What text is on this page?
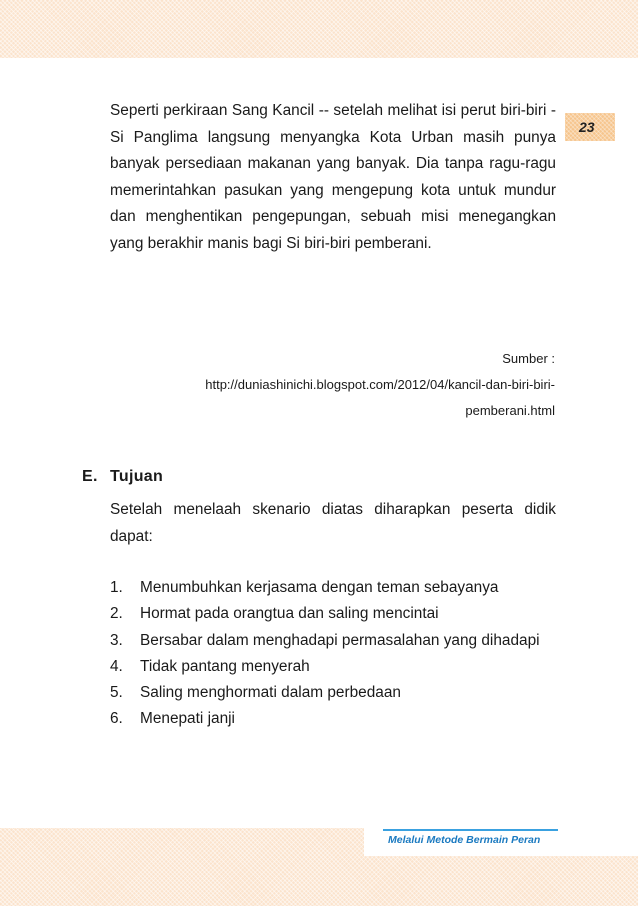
23

Seperti perkiraan Sang Kancil -- setelah melihat isi perut biri-biri - Si Panglima langsung menyangka Kota Urban masih punya banyak persediaan makanan yang banyak. Dia tanpa ragu-ragu memerintahkan pasukan yang mengepung kota untuk mundur dan menghentikan pengepungan, sebuah misi menegangkan yang berakhir manis bagi Si biri-biri pemberani.

Sumber :
http://duniashinichi.blogspot.com/2012/04/kancil-dan-biri-biri-
pemberani.html
E. Tujuan

Setelah menelaah skenario diatas diharapkan peserta didik dapat:

1.	Menumbuhkan kerjasama dengan teman sebayanya
2.	Hormat pada orangtua dan saling mencintai
3.	Bersabar dalam menghadapi permasalahan yang dihadapi
4.	Tidak pantang menyerah
5.	Saling menghormati dalam perbedaan
6.	Menepati janji
Melalui Metode Bermain Peran
